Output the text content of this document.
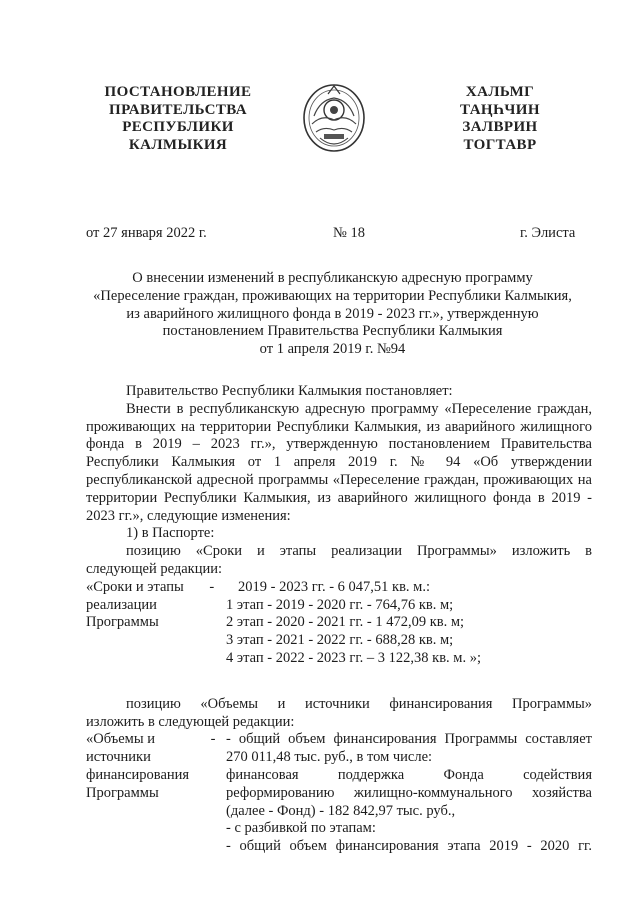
ПОСТАНОВЛЕНИЕ
ПРАВИТЕЛЬСТВА
РЕСПУБЛИКИ
КАЛМЫКИЯ
ХАЛЬМГ
ТАҢҺЧИН
ЗАЛВРИН
ТОГТАВР
от 27 января 2022 г.	№ 18	г. Элиста
О внесении изменений в республиканскую адресную программу
«Переселение граждан, проживающих на территории Республики Калмыкия,
из аварийного жилищного фонда в 2019 - 2023 гг.», утвержденную
постановлением Правительства Республики Калмыкия
от 1 апреля 2019 г. №94

Правительство Республики Калмыкия постановляет:

Внести в республиканскую адресную программу «Переселение граждан, проживающих на территории Республики Калмыкия, из аварийного жилищного фонда в 2019 – 2023 гг.», утвержденную постановлением Правительства Республики Калмыкия от 1 апреля 2019 г. № 94 «Об утверждении республиканской адресной программы «Переселение граждан, проживающих на территории Республики Калмыкия, из аварийного жилищного фонда в 2019 - 2023 гг.», следующие изменения:

1) в Паспорте:

позицию «Сроки и этапы реализации Программы» изложить в

следующей редакции:

«Сроки и этапы -	2019 - 2023 гг. - 6 047,51 кв. м.:
реализации	1 этап - 2019 - 2020 гг. - 764,76 кв. м;
Программы	2 этап - 2020 - 2021 гг. - 1 472,09 кв. м;
3 этап - 2021 - 2022 гг. - 688,28 кв. м;
4 этап - 2022 - 2023 гг. – 3 122,38 кв. м. »;

позицию «Объемы и источники финансирования Программы»

изложить в следующей редакции:

«Объемы и	- - общий объем финансирования Программы составляет
источники	270 011,48 тыс. руб., в том числе:
финансирования	финансовая поддержка Фонда содействия
Программы	реформированию жилищно-коммунального хозяйства
(далее - Фонд) - 182 842,97 тыс. руб.,
- с разбивкой по этапам:
- общий объем финансирования этапа 2019 - 2020 гг.
